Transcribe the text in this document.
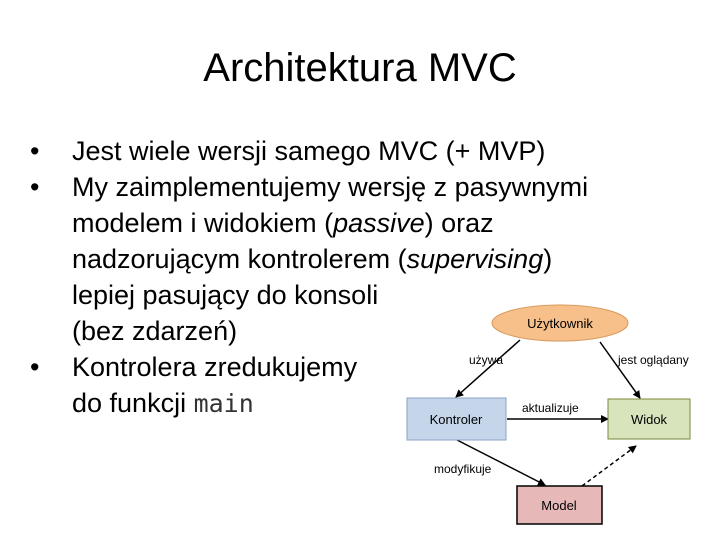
Architektura MVC
• Jest wiele wersji samego MVC (+ MVP)
• My zaimplementujemy wersję z pasywnymi
modelem i widokiem (passive) oraz
nadzorującym kontrolerem (supervising)
lepiej pasujący do konsoli
(bez zdarzeń)
• Kontrolera zredukujemy
do funkcji main
Użytkownik
Kontroler	Widok
Model
używa	jest oglądany
aktualizuje
modyfikuje
